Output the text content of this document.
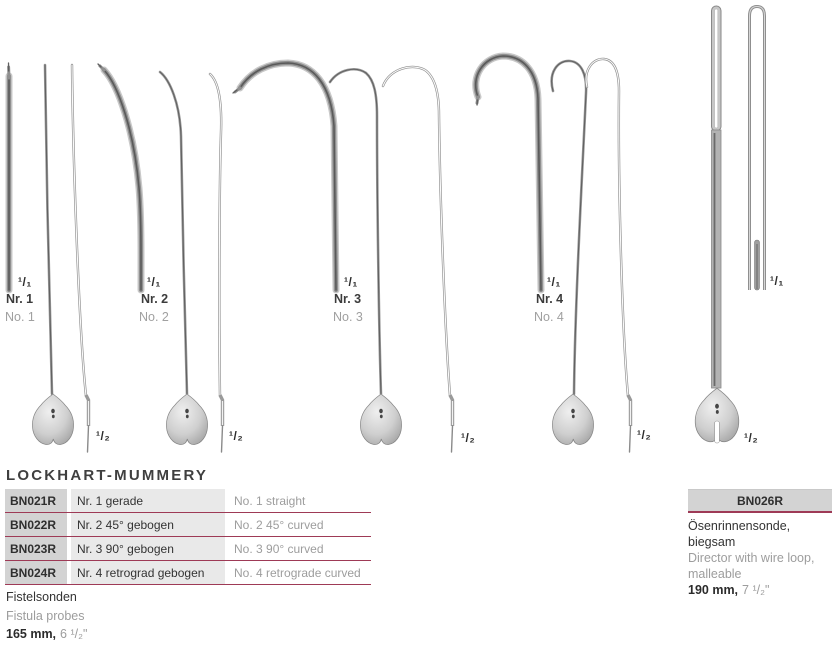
¹/₁
Nr. 1
No. 1
¹/₂
¹/₁
Nr. 2
No. 2
¹/₂
¹/₁
Nr. 3
No. 3
¹/₂
¹/₁
Nr. 4
No. 4
¹/₂
¹/₁
¹/₂
LOCKHART-MUMMERY
BN021R	Nr. 1 gerade	No. 1 straight
BN022R	Nr. 2 45° gebogen	No. 2 45° curved
BN023R	Nr. 3 90° gebogen	No. 3 90° curved
BN024R	Nr. 4 retrograd gebogen	No. 4 retrograde curved
Fistelsonden
Fistula probes
165 mm, 6 ¹/₂"
BN026R
Ösenrinnensonde,
biegsam
Director with wire loop,
malleable
190 mm, 7 ¹/₂"
